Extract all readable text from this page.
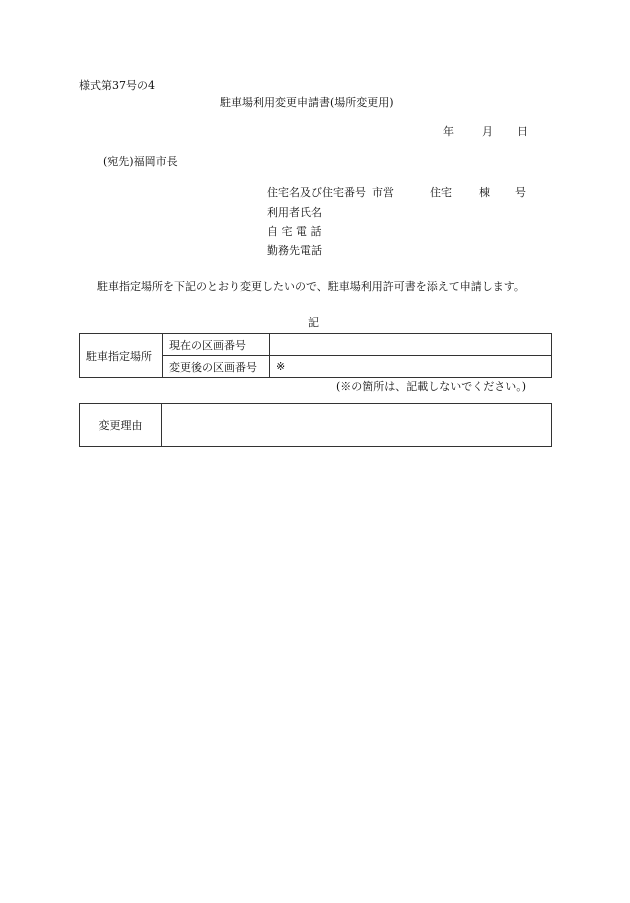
様式第37号の4
駐車場利用変更申請書(場所変更用)
年	月 日
(宛先)福岡市長
住宅名及び住宅番号 市営	住宅 棟 号
利用者氏名
自 宅 電 話
勤務先電話
駐車指定場所を下記のとおり変更したいので、駐車場利用許可書を添えて申請します。
記
駐車指定場所	現在の区画番号	
	変更後の区画番号	※
(※の箇所は、記載しないでください。)
変更理由	
